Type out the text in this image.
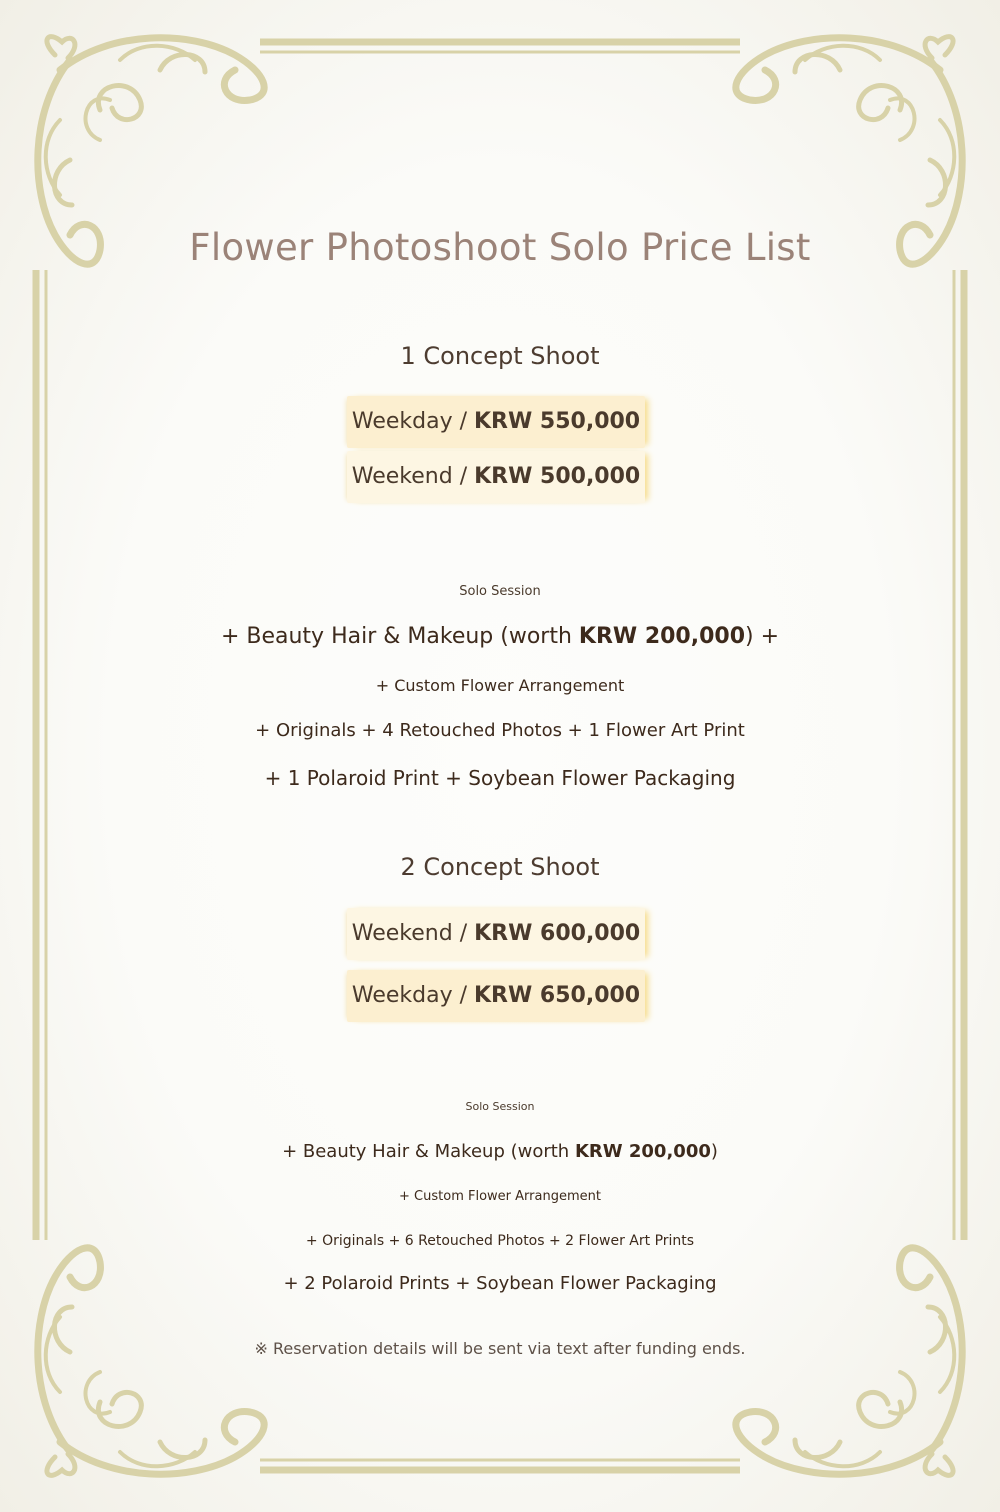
Flower Photoshoot Solo Price List
1 Concept Shoot
Weekday / KRW 550,000
Weekend / KRW 500,000
Solo Session
+ Beauty Hair & Makeup (worth KRW 200,000) +
+ Custom Flower Arrangement
+ Originals + 4 Retouched Photos + 1 Flower Art Print
+ 1 Polaroid Print + Soybean Flower Packaging
2 Concept Shoot
Weekend / KRW 600,000
Weekday / KRW 650,000
Solo Session
+ Beauty Hair & Makeup (worth KRW 200,000)
+ Custom Flower Arrangement
+ Originals + 6 Retouched Photos + 2 Flower Art Prints
+ 2 Polaroid Prints + Soybean Flower Packaging
※ Reservation details will be sent via text after funding ends.
